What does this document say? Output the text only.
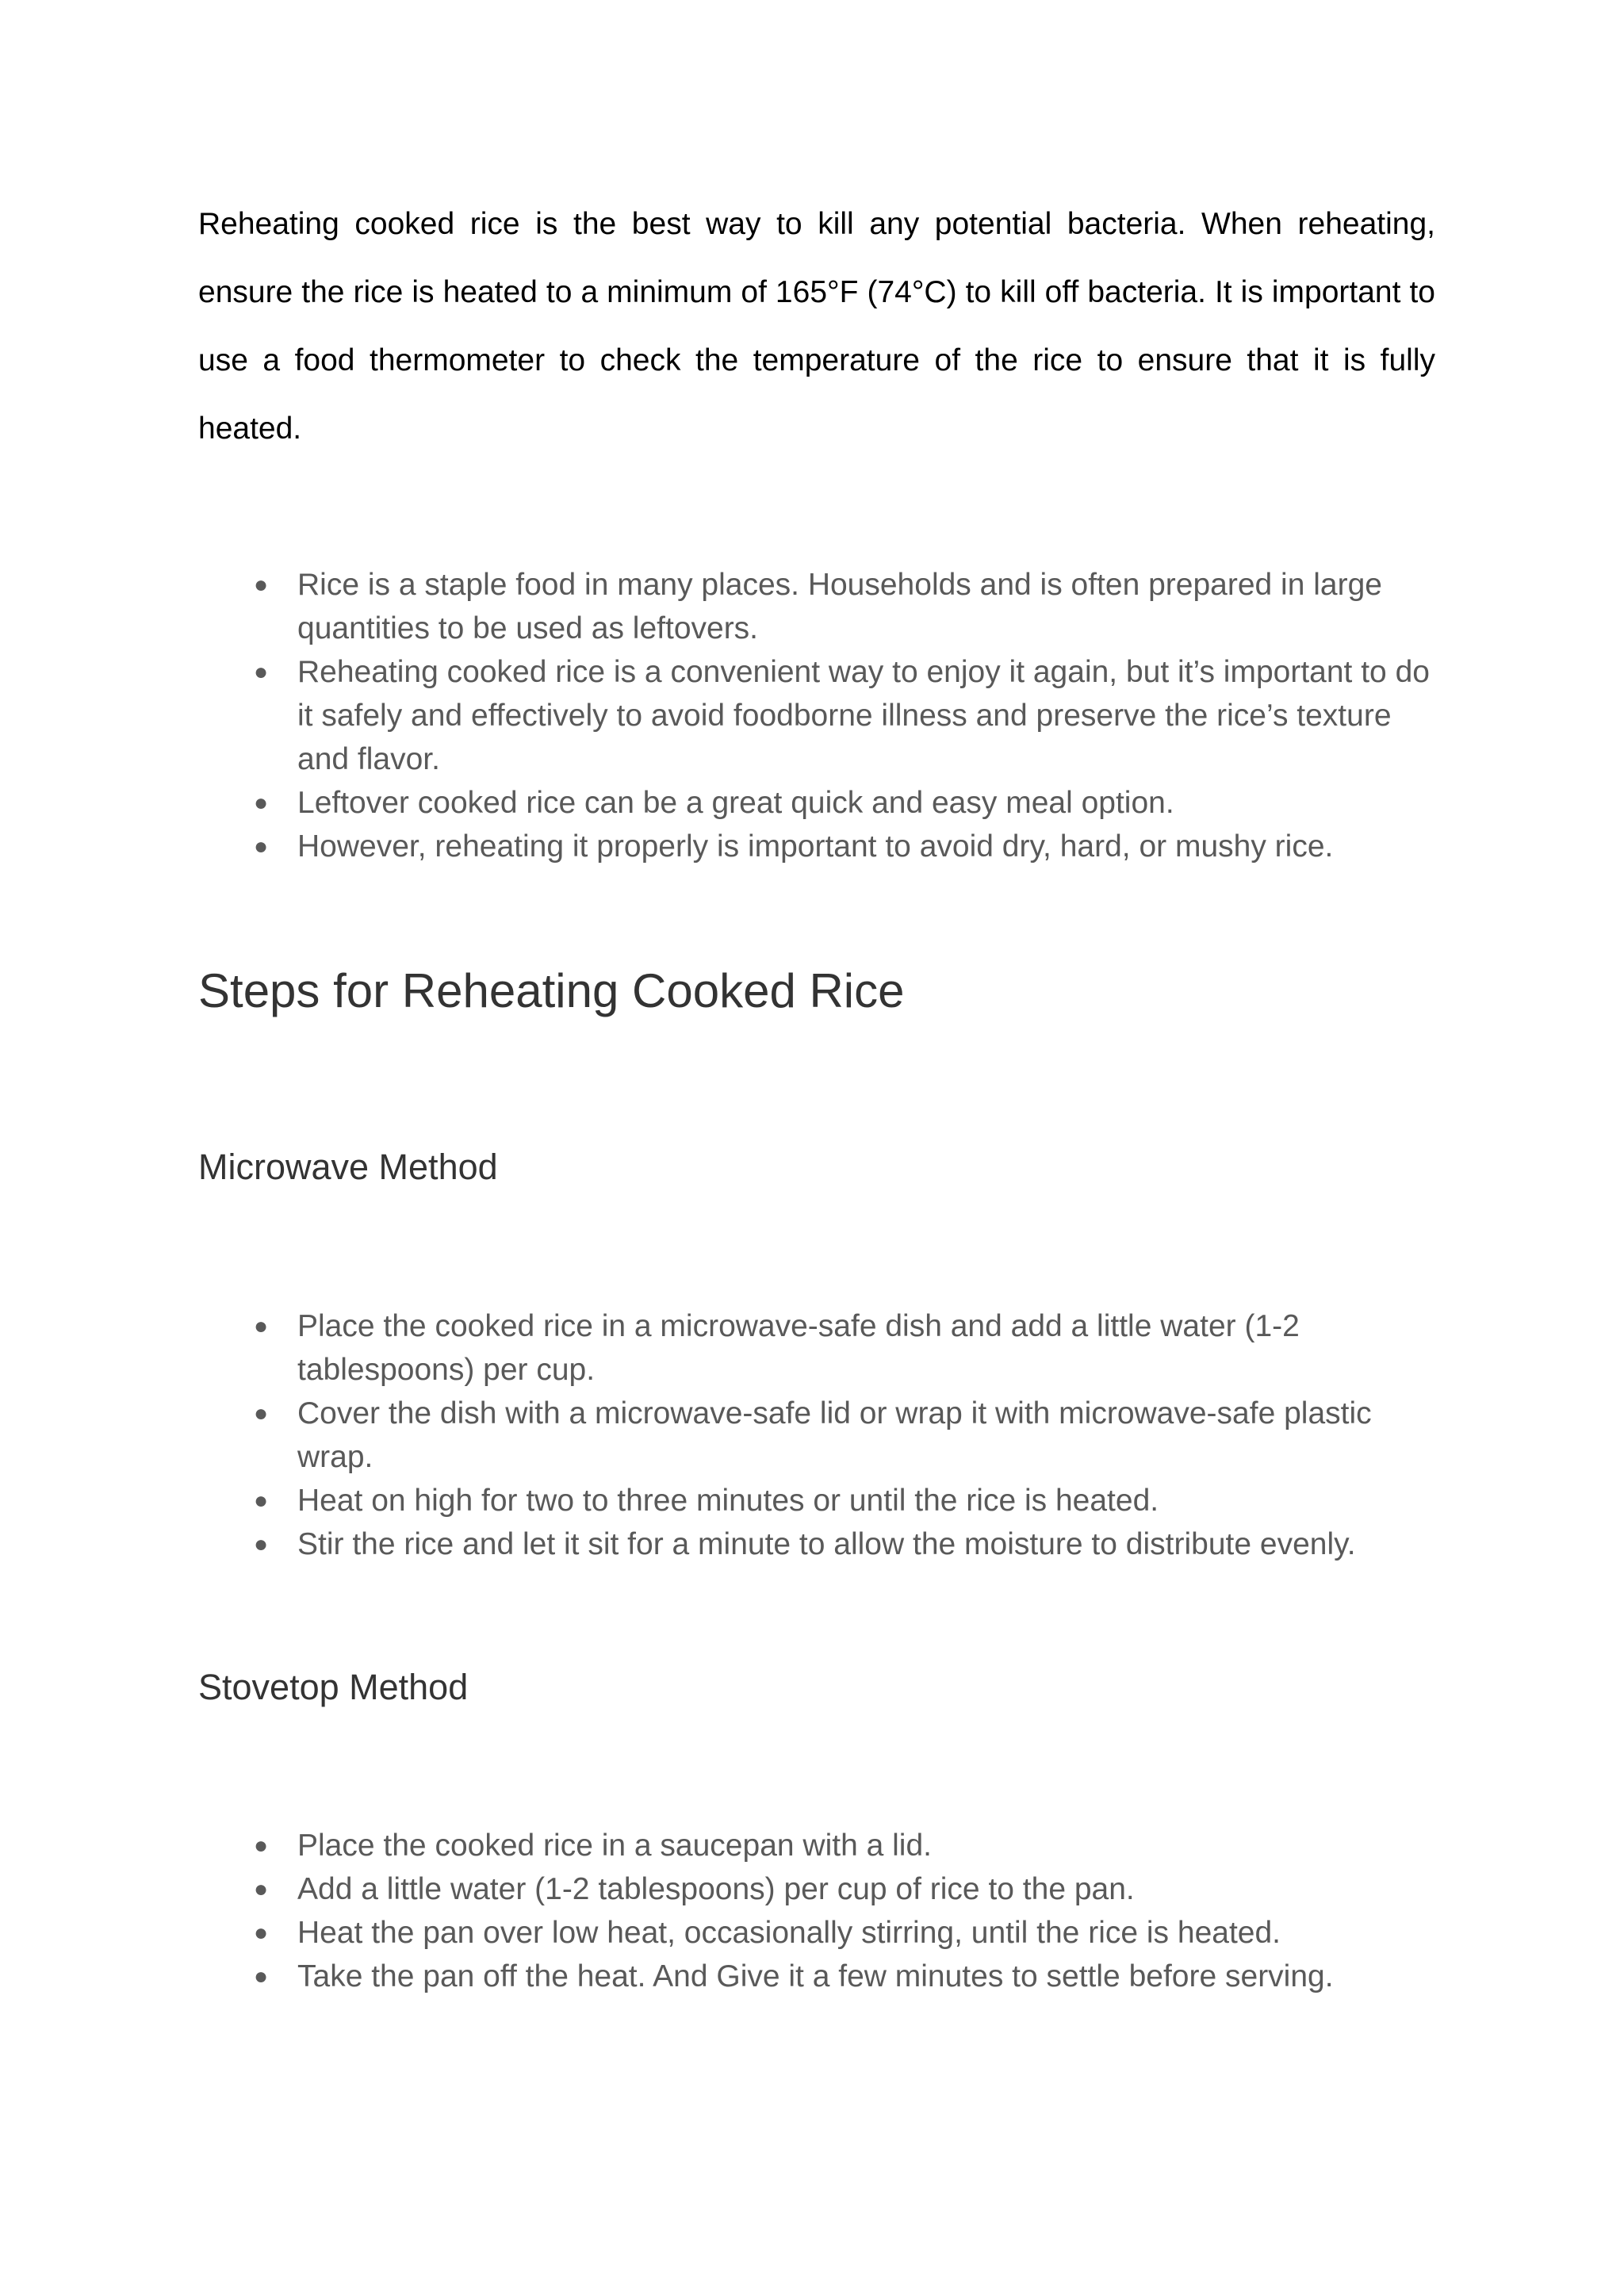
Reheating cooked rice is the best way to kill any potential bacteria. When reheating, ensure the rice is heated to a minimum of 165°F (74°C) to kill off bacteria. It is important to use a food thermometer to check the temperature of the rice to ensure that it is fully heated.

● Rice is a staple food in many places. Households and is often prepared in large quantities to be used as leftovers.
● Reheating cooked rice is a convenient way to enjoy it again, but it’s important to do it safely and effectively to avoid foodborne illness and preserve the rice’s texture and flavor.
● Leftover cooked rice can be a great quick and easy meal option.
● However, reheating it properly is important to avoid dry, hard, or mushy rice.
Steps for Reheating Cooked Rice
Microwave Method
● Place the cooked rice in a microwave-safe dish and add a little water (1-2 tablespoons) per cup.
● Cover the dish with a microwave-safe lid or wrap it with microwave-safe plastic wrap.
● Heat on high for two to three minutes or until the rice is heated.
● Stir the rice and let it sit for a minute to allow the moisture to distribute evenly.
Stovetop Method
● Place the cooked rice in a saucepan with a lid.
● Add a little water (1-2 tablespoons) per cup of rice to the pan.
● Heat the pan over low heat, occasionally stirring, until the rice is heated.
● Take the pan off the heat. And Give it a few minutes to settle before serving.
